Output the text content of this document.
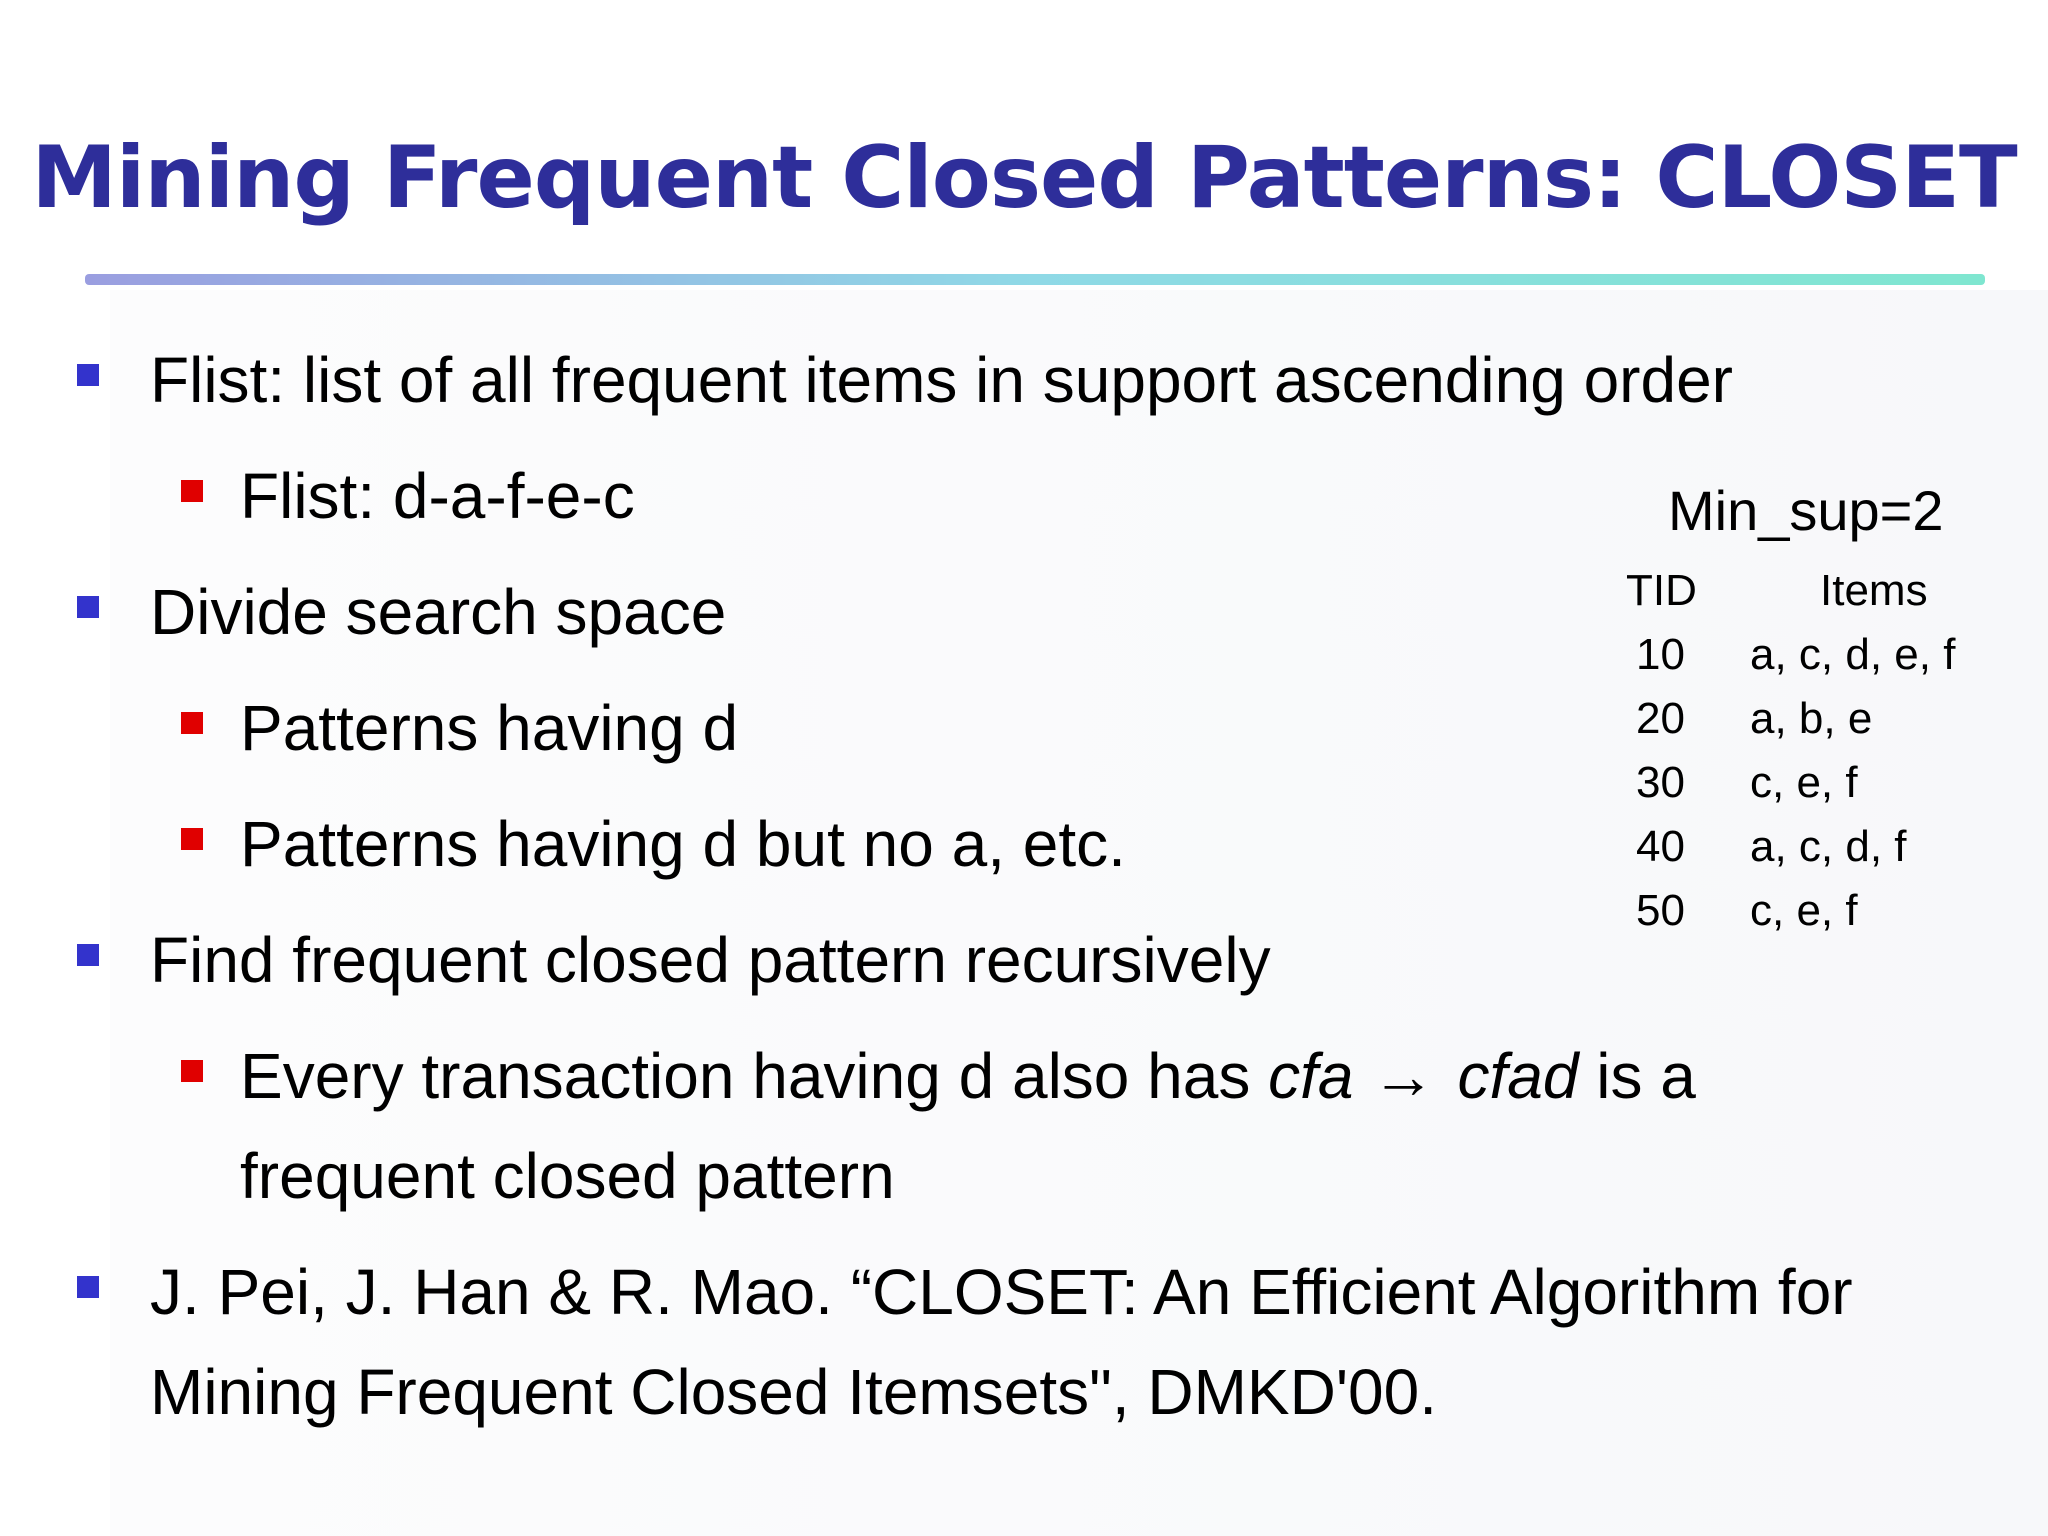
Mining Frequent Closed Patterns: CLOSET
Flist: list of all frequent items in support ascending order
Flist: d-a-f-e-c
Divide search space
Patterns having d
Patterns having d but no a, etc.
Find frequent closed pattern recursively
Every transaction having d also has cfa → cfad is a
frequent closed pattern
J. Pei, J. Han & R. Mao. “CLOSET: An Efficient Algorithm for
Mining Frequent Closed Itemsets", DMKD'00.
Min_sup=2
TID	Items
10 a, c, d, e, f
20 a, b, e
30 c, e, f
40 a, c, d, f
50 c, e, f
